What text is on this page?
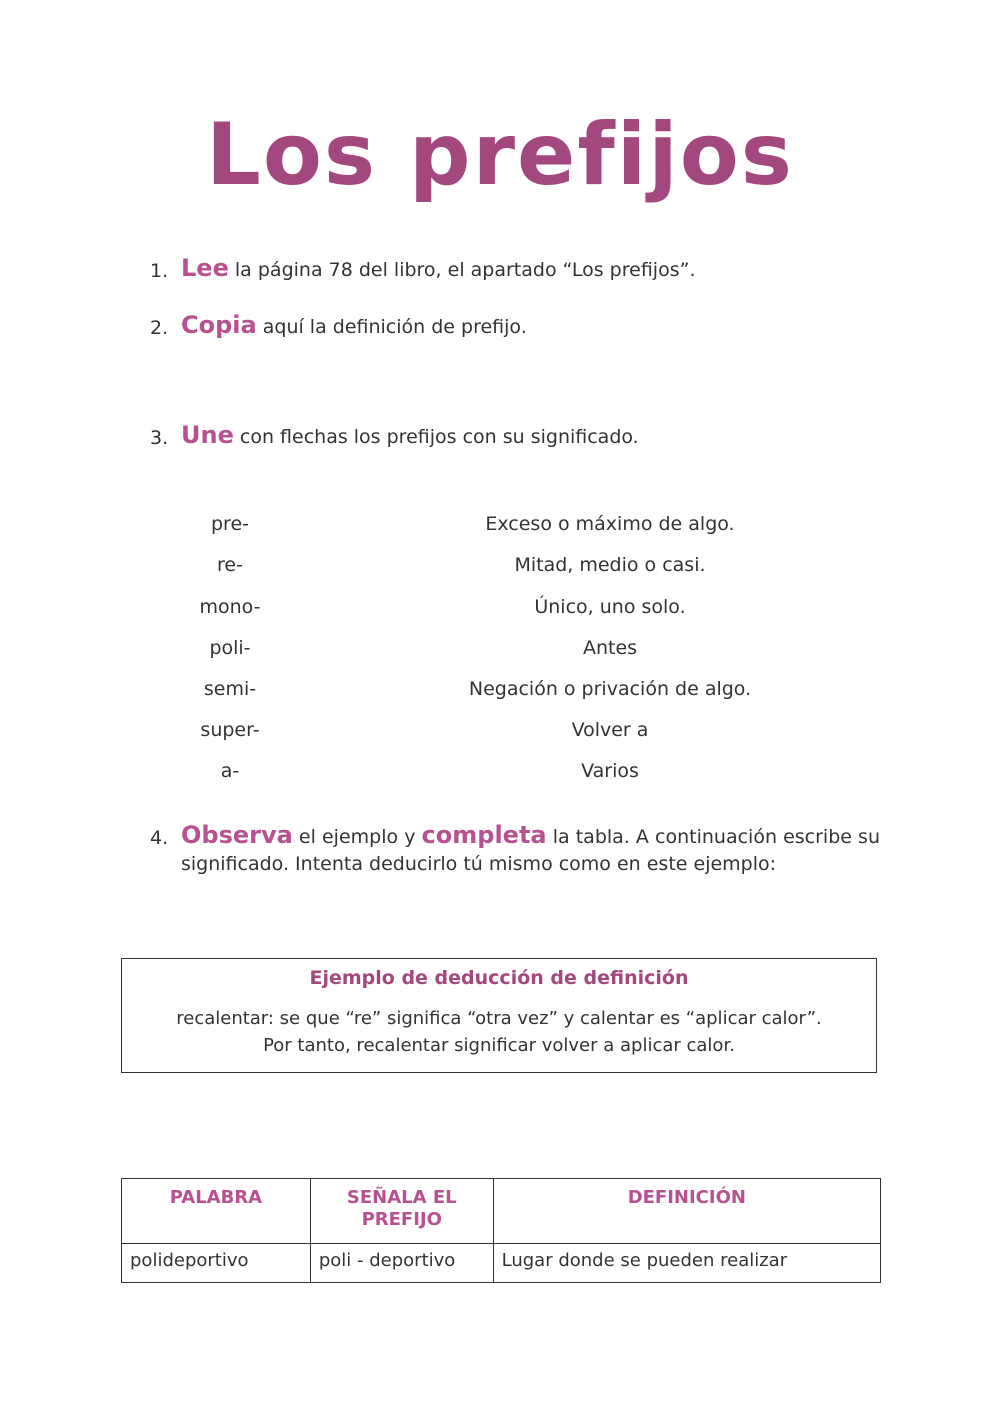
Los prefijos
1. Lee la página 78 del libro, el apartado “Los prefijos”.
2. Copia aquí la definición de prefijo.
3. Une con flechas los prefijos con su significado.
pre-	Exceso o máximo de algo.
re-	Mitad, medio o casi.
mono-	Único, uno solo.
poli-	Antes
semi-	Negación o privación de algo.
super-	Volver a
a-	Varios
4. Observa el ejemplo y completa la tabla. A continuación escribe su significado. Intenta deducirlo tú mismo como en este ejemplo:
Ejemplo de deducción de definición
recalentar: se que “re” significa “otra vez” y calentar es “aplicar calor”.
Por tanto, recalentar significar volver a aplicar calor.
PALABRA	SEÑALA EL PREFIJO	DEFINICIÓN
polideportivo	poli - deportivo	Lugar donde se pueden realizar
